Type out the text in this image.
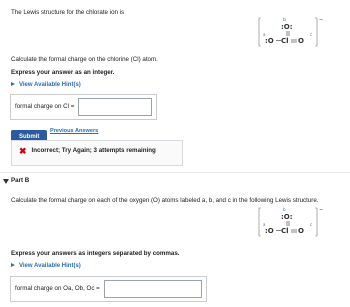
The Lewis structure for the chlorate ion is
−
b
:O:
:O Cl O
a	c
Calculate the formal charge on the chlorine (Cl) atom.
Express your answer as an integer.
View Available Hint(s)
formal charge on Cl =
Submit
Previous Answers
✖ Incorrect; Try Again; 3 attempts remaining
Part B
Calculate the formal charge on each of the oxygen (O) atoms labeled a, b, and c in the following Lewis structure.
−
b
:O:
:O Cl O
a	c
Express your answers as integers separated by commas.
View Available Hint(s)
formal charge on Oa, Ob, Oc =
